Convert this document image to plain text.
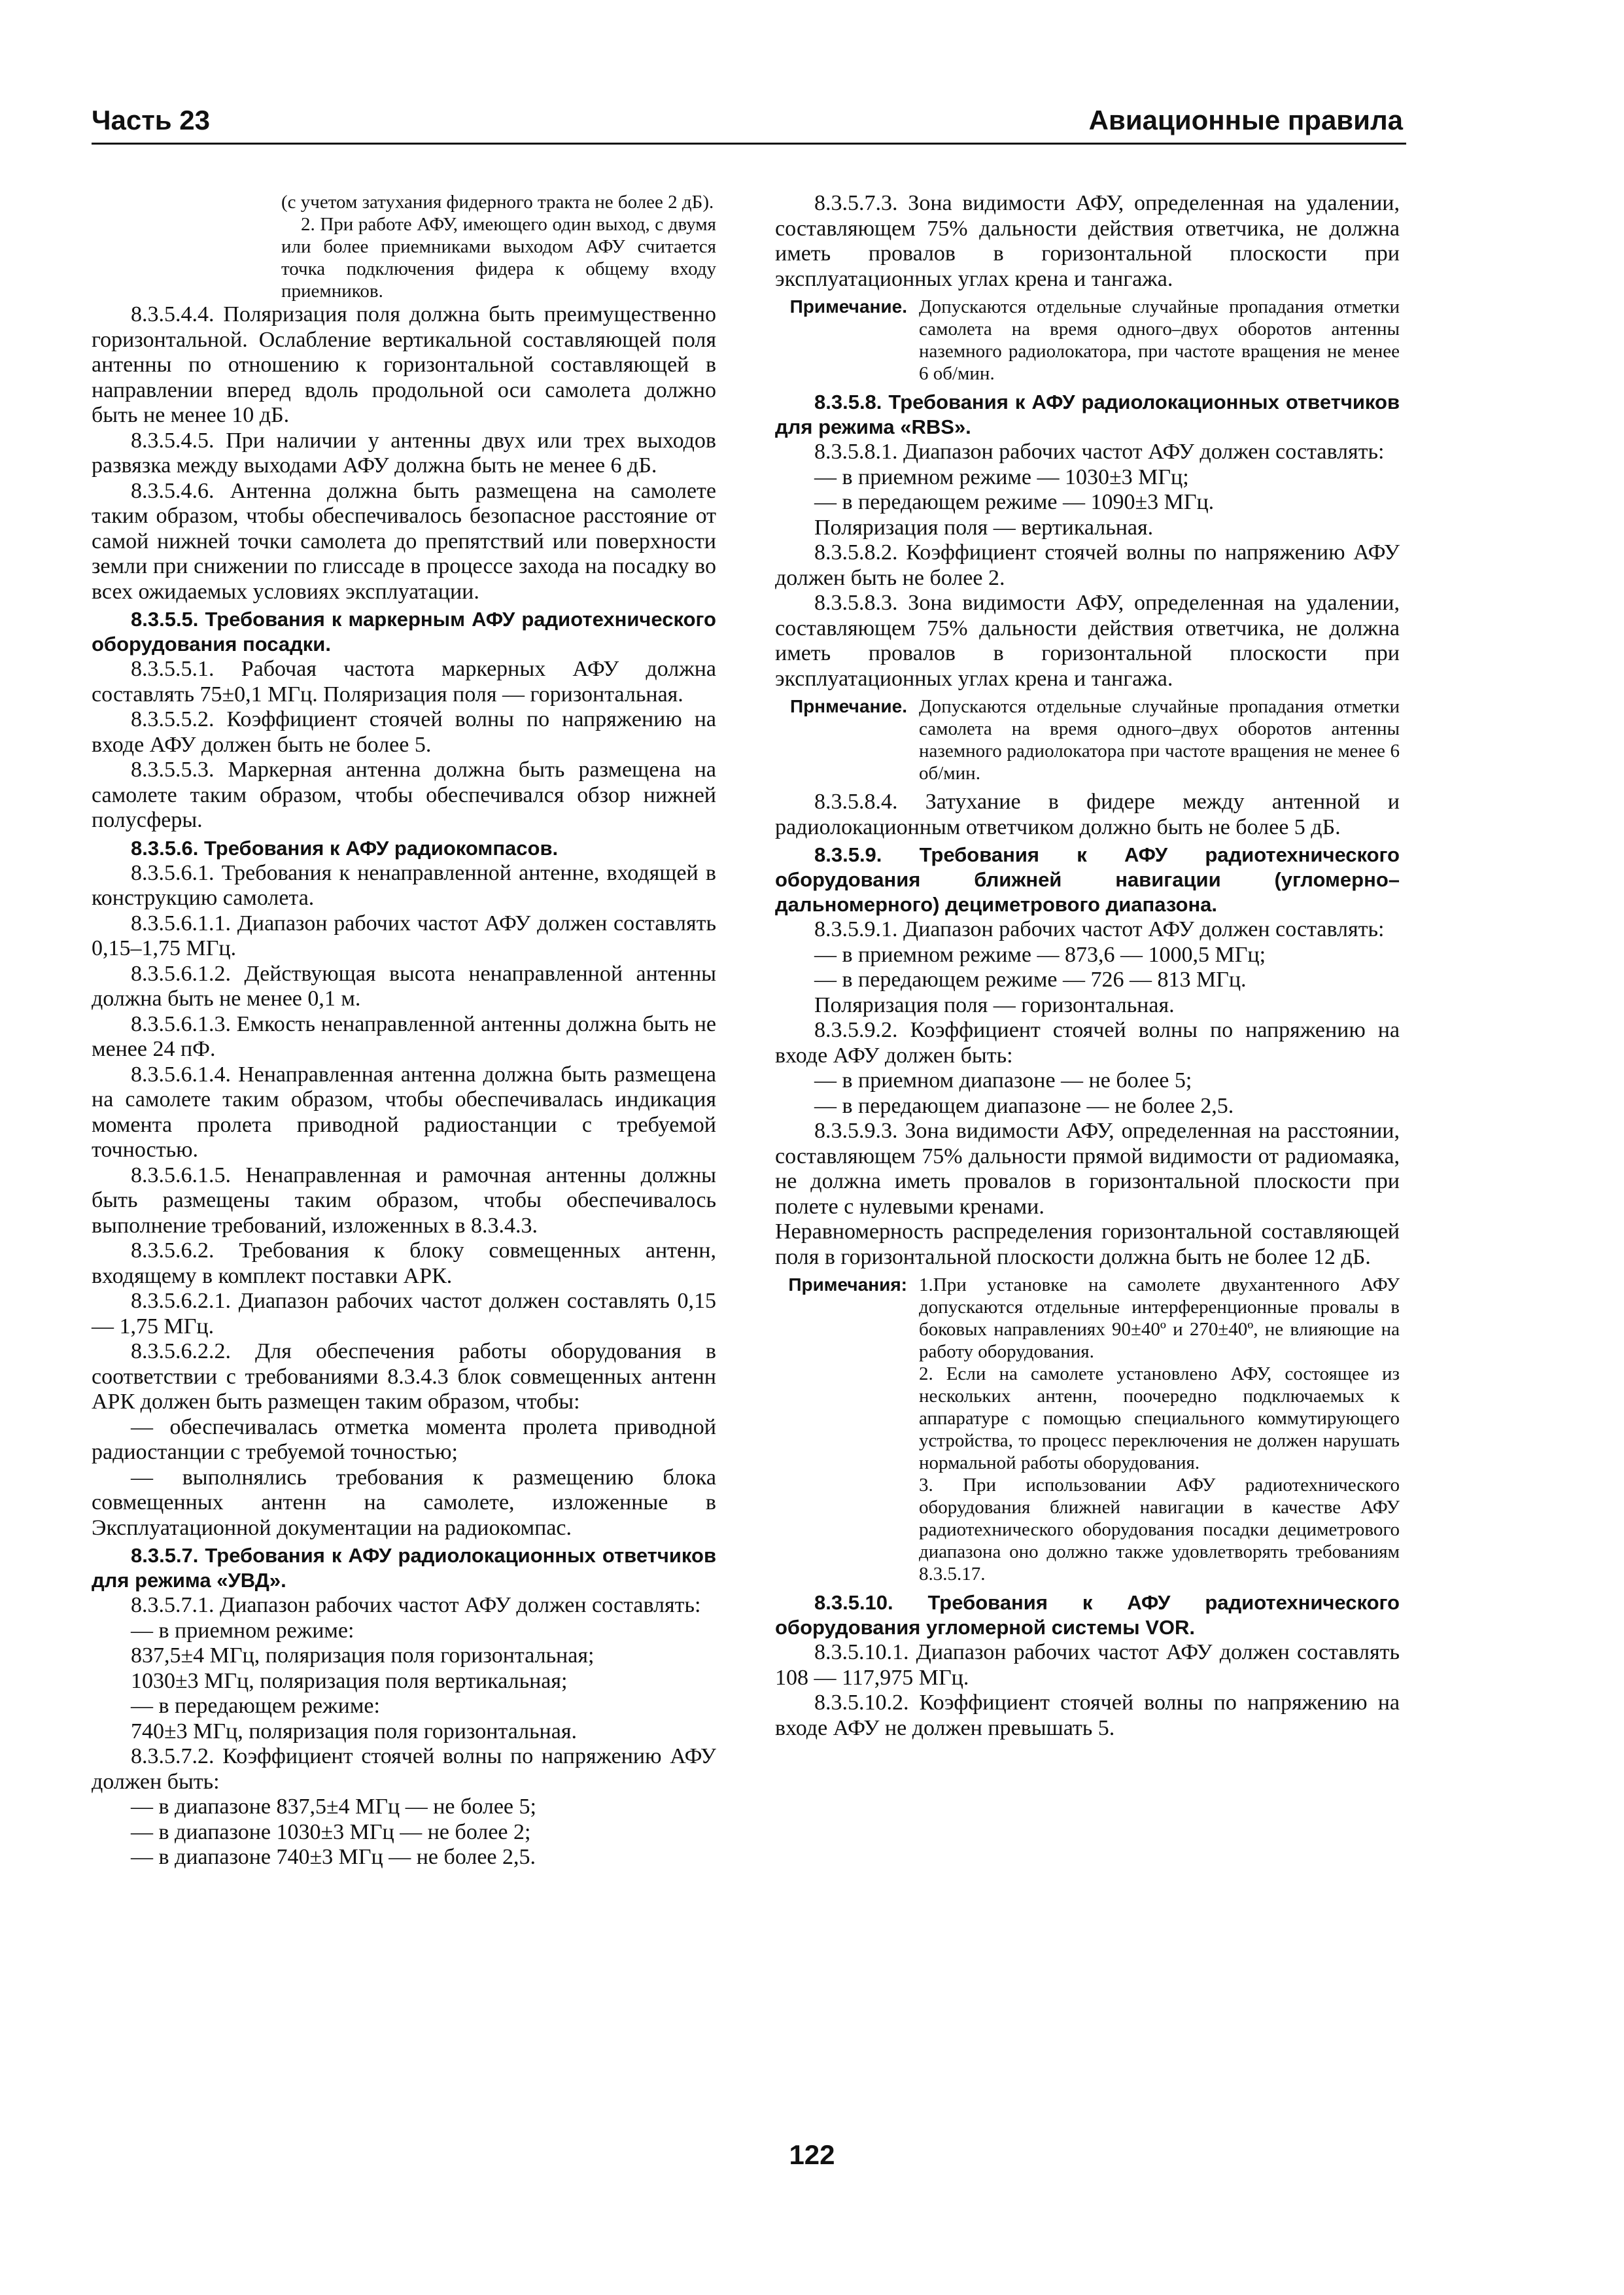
Часть 23	Авиационные правила

(с учетом затухания фидерного тракта не более 2 дБ).

2. При работе АФУ, имеющего один выход, с двумя или более приемниками выходом АФУ считается точка подключения фидера к общему входу приемников.

8.3.5.4.4. Поляризация поля должна быть преимущественно горизонтальной. Ослабление вертикальной составляющей поля антенны по отношению к горизонтальной составляющей в направлении вперед вдоль продольной оси самолета должно быть не менее 10 дБ.

8.3.5.4.5. При наличии у антенны двух или трех выходов развязка между выходами АФУ должна быть не менее 6 дБ.

8.3.5.4.6. Антенна должна быть размещена на самолете таким образом, чтобы обеспечивалось безопасное расстояние от самой нижней точки самолета до препятствий или поверхности земли при снижении по глиссаде в процессе захода на посадку во всех ожидаемых условиях эксплуатации.

8.3.5.5. Требования к маркерным АФУ радиотехнического оборудования посадки.

8.3.5.5.1. Рабочая частота маркерных АФУ должна составлять 75±0,1 МГц. Поляризация поля — горизонтальная.

8.3.5.5.2. Коэффициент стоячей волны по напряжению на входе АФУ должен быть не более 5.

8.3.5.5.3. Маркерная антенна должна быть размещена на самолете таким образом, чтобы обеспечивался обзор нижней полусферы.

8.3.5.6. Требования к АФУ радиокомпасов.

8.3.5.6.1. Требования к ненаправленной антенне, входящей в конструкцию самолета.

8.3.5.6.1.1. Диапазон рабочих частот АФУ должен составлять 0,15–1,75 МГц.

8.3.5.6.1.2. Действующая высота ненаправленной антенны должна быть не менее 0,1 м.

8.3.5.6.1.3. Емкость ненаправленной антенны должна быть не менее 24 пФ.

8.3.5.6.1.4. Ненаправленная антенна должна быть размещена на самолете таким образом, чтобы обеспечивалась индикация момента пролета приводной радиостанции с требуемой точностью.

8.3.5.6.1.5. Ненаправленная и рамочная антенны должны быть размещены таким образом, чтобы обеспечивалось выполнение требований, изложенных в 8.3.4.3.

8.3.5.6.2. Требования к блоку совмещенных антенн, входящему в комплект поставки АРК.

8.3.5.6.2.1. Диапазон рабочих частот должен составлять 0,15 — 1,75 МГц.

8.3.5.6.2.2. Для обеспечения работы оборудования в соответствии с требованиями 8.3.4.3 блок совмещенных антенн АРК должен быть размещен таким образом, чтобы:

— обеспечивалась отметка момента пролета приводной радиостанции с требуемой точностью;

— выполнялись требования к размещению блока совмещенных антенн на самолете, изложенные в Эксплуатационной документации на радиокомпас.

8.3.5.7. Требования к АФУ радиолокационных ответчиков для режима «УВД».

8.3.5.7.1. Диапазон рабочих частот АФУ должен составлять:

— в приемном режиме:

837,5±4 МГц, поляризация поля горизонтальная;

1030±3 МГц, поляризация поля вертикальная;

— в передающем режиме:

740±3 МГц, поляризация поля горизонтальная.

8.3.5.7.2. Коэффициент стоячей волны по напряжению АФУ должен быть:

— в диапазоне 837,5±4 МГц — не более 5;

— в диапазоне 1030±3 МГц — не более 2;

— в диапазоне 740±3 МГц — не более 2,5.

8.3.5.7.3. Зона видимости АФУ, определенная на удалении, составляющем 75% дальности действия ответчика, не должна иметь провалов в горизонтальной плоскости при эксплуатационных углах крена и тангажа.

Примечание. Допускаются отдельные случайные пропадания отметки самолета на время одного–двух оборотов антенны наземного радиолокатора, при частоте вращения не менее 6 об/мин.

8.3.5.8. Требования к АФУ радиолокационных ответчиков для режима «RBS».

8.3.5.8.1. Диапазон рабочих частот АФУ должен составлять:

— в приемном режиме — 1030±3 МГц;

— в передающем режиме — 1090±3 МГц.

Поляризация поля — вертикальная.

8.3.5.8.2. Коэффициент стоячей волны по напряжению АФУ должен быть не более 2.

8.3.5.8.3. Зона видимости АФУ, определенная на удалении, составляющем 75% дальности действия ответчика, не должна иметь провалов в горизонтальной плоскости при эксплуатационных углах крена и тангажа.

Прнмечание. Допускаются отдельные случайные пропадания отметки самолета на время одного–двух оборотов антенны наземного радиолокатора при частоте вращения не менее 6 об/мин.

8.3.5.8.4. Затухание в фидере между антенной и радиолокационным ответчиком должно быть не более 5 дБ.

8.3.5.9. Требования к АФУ радиотехнического оборудования ближней навигации (угломерно–дальномерного) дециметрового диапазона.

8.3.5.9.1. Диапазон рабочих частот АФУ должен составлять:

— в приемном режиме — 873,6 — 1000,5 МГц;

— в передающем режиме — 726 — 813 МГц.

Поляризация поля — горизонтальная.

8.3.5.9.2. Коэффициент стоячей волны по напряжению на входе АФУ должен быть:

— в приемном диапазоне — не более 5;

— в передающем диапазоне — не более 2,5.

8.3.5.9.3. Зона видимости АФУ, определенная на расстоянии, составляющем 75% дальности прямой видимости от радиомаяка, не должна иметь провалов в горизонтальной плоскости при полете с нулевыми кренами.

Неравномерность распределения горизонтальной составляющей поля в горизонтальной плоскости должна быть не более 12 дБ.

Примечания: 1.При установке на самолете двухантенного АФУ допускаются отдельные интерференционные провалы в боковых направлениях 90±40º и 270±40º, не влияющие на работу оборудования.

2. Если на самолете установлено АФУ, состоящее из нескольких антенн, поочередно подключаемых к аппаратуре с помощью специального коммутирующего устройства, то процесс переключения не должен нарушать нормальной работы оборудования.

3. При использовании АФУ радиотехнического оборудования ближней навигации в качестве АФУ радиотехнического оборудования посадки дециметрового диапазона оно должно также удовлетворять требованиям 8.3.5.17.

8.3.5.10. Требования к АФУ радиотехнического оборудования угломерной системы VOR.

8.3.5.10.1. Диапазон рабочих частот АФУ должен составлять 108 — 117,975 МГц.

8.3.5.10.2. Коэффициент стоячей волны по напряжению на входе АФУ не должен превышать 5.

122
